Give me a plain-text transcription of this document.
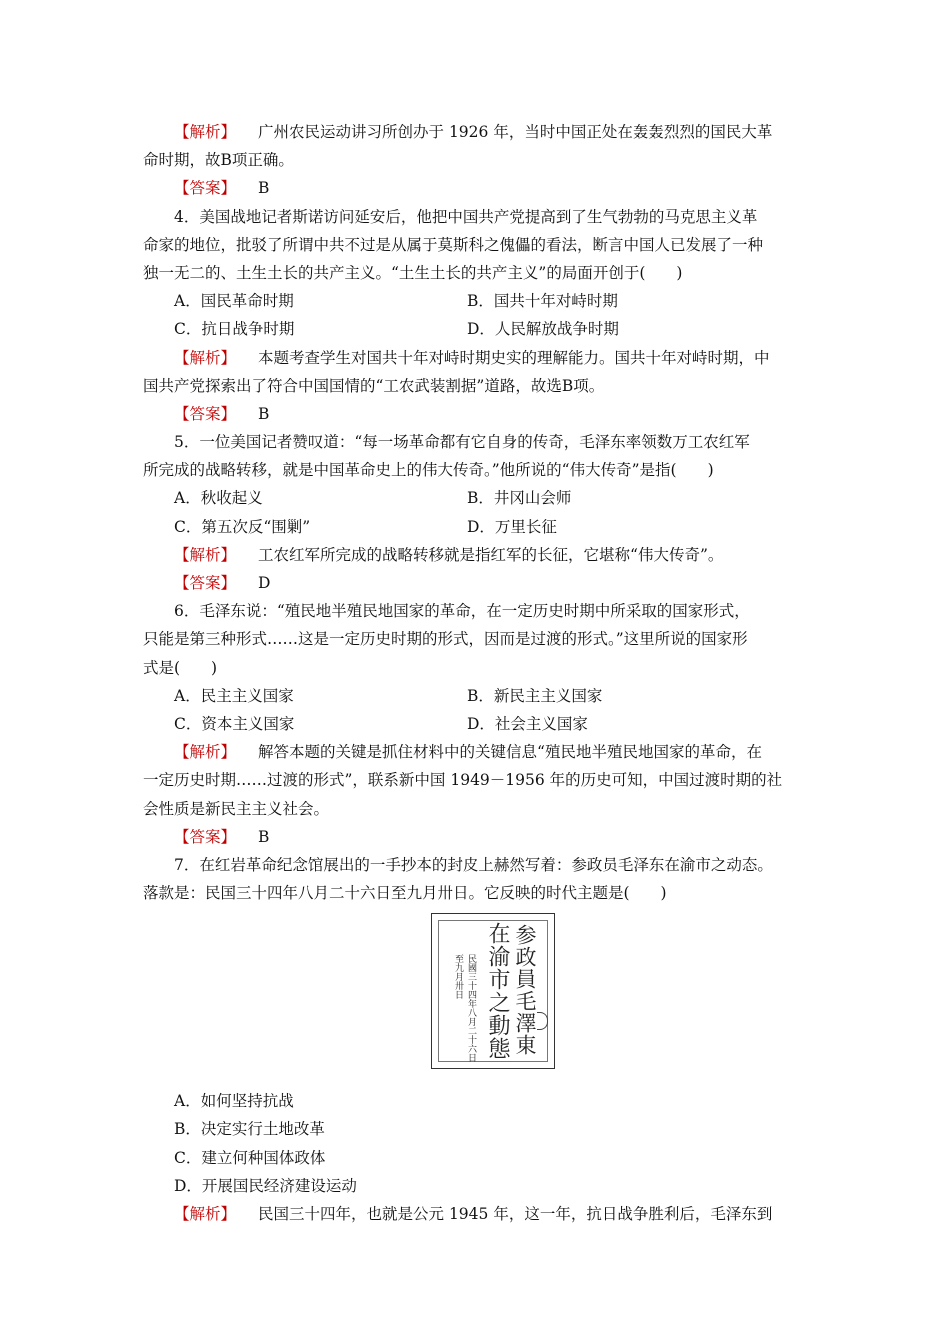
【解析】 广州农民运动讲习所创办于 1926 年，当时中国正处在轰轰烈烈的国民大革
命时期，故B项正确。
【答案】 B
4．美国战地记者斯诺访问延安后，他把中国共产党提高到了生气勃勃的马克思主义革
命家的地位，批驳了所谓中共不过是从属于莫斯科之傀儡的看法，断言中国人已发展了一种
独一无二的、土生土长的共产主义。“土生土长的共产主义”的局面开创于(　　)
A．国民革命时期	B．国共十年对峙时期
C．抗日战争时期	D．人民解放战争时期
【解析】 本题考查学生对国共十年对峙时期史实的理解能力。国共十年对峙时期，中
国共产党探索出了符合中国国情的“工农武装割据”道路，故选B项。
【答案】 B
5．一位美国记者赞叹道：“每一场革命都有它自身的传奇，毛泽东率领数万工农红军
所完成的战略转移，就是中国革命史上的伟大传奇。”他所说的“伟大传奇”是指(　　)
A．秋收起义	B．井冈山会师
C．第五次反“围剿”	D．万里长征
【解析】 工农红军所完成的战略转移就是指红军的长征，它堪称“伟大传奇”。
【答案】 D
6．毛泽东说：“殖民地半殖民地国家的革命，在一定历史时期中所采取的国家形式，
只能是第三种形式……这是一定历史时期的形式，因而是过渡的形式。”这里所说的国家形
式是(　　)
A．民主主义国家	B．新民主主义国家
C．资本主义国家	D．社会主义国家
【解析】 解答本题的关键是抓住材料中的关键信息“殖民地半殖民地国家的革命，在
一定历史时期……过渡的形式”，联系新中国 1949－1956 年的历史可知，中国过渡时期的社
会性质是新民主主义社会。
【答案】 B
7．在红岩革命纪念馆展出的一手抄本的封皮上赫然写着：参政员毛泽东在渝市之动态。
落款是：民国三十四年八月二十六日至九月卅日。它反映的时代主题是(　　)
参政員毛澤東
在渝市之動態
民國三十四年八月二十六日至九月卅日
A．如何坚持抗战
B．决定实行土地改革
C．建立何种国体政体
D．开展国民经济建设运动
【解析】 民国三十四年，也就是公元 1945 年，这一年，抗日战争胜利后，毛泽东到
